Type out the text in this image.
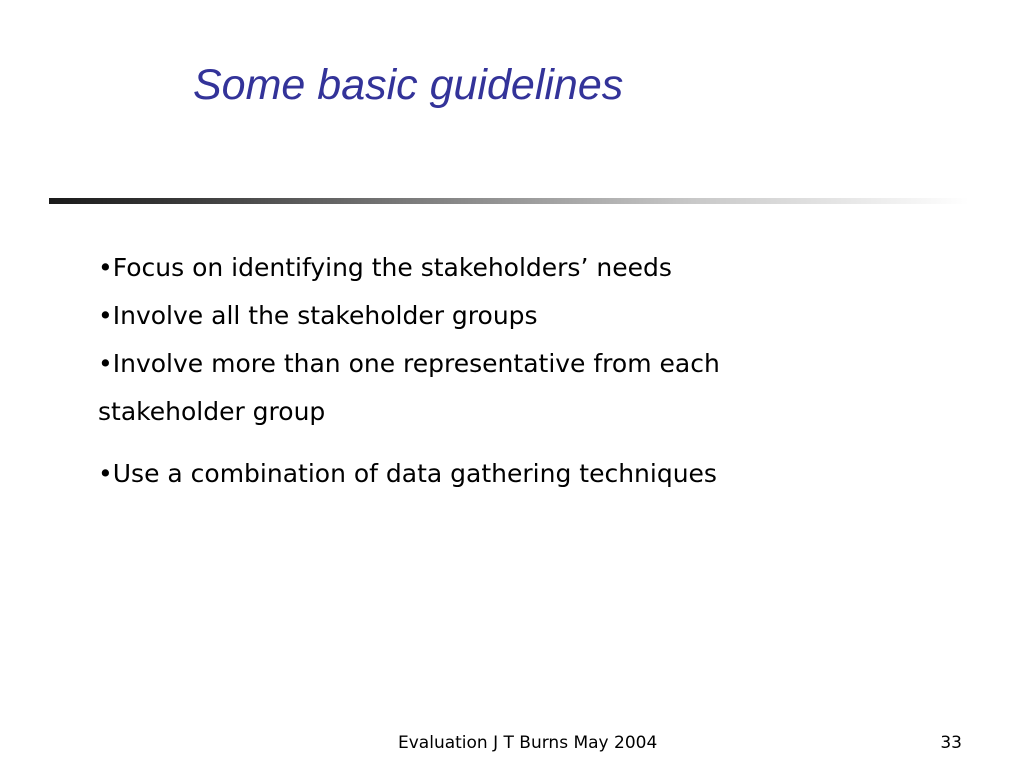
Some basic guidelines

•Focus on identifying the stakeholders’ needs

•Involve all the stakeholder groups

•Involve more than one representative from each stakeholder group

•Use a combination of data gathering techniques

Evaluation J T Burns May 2004	33
